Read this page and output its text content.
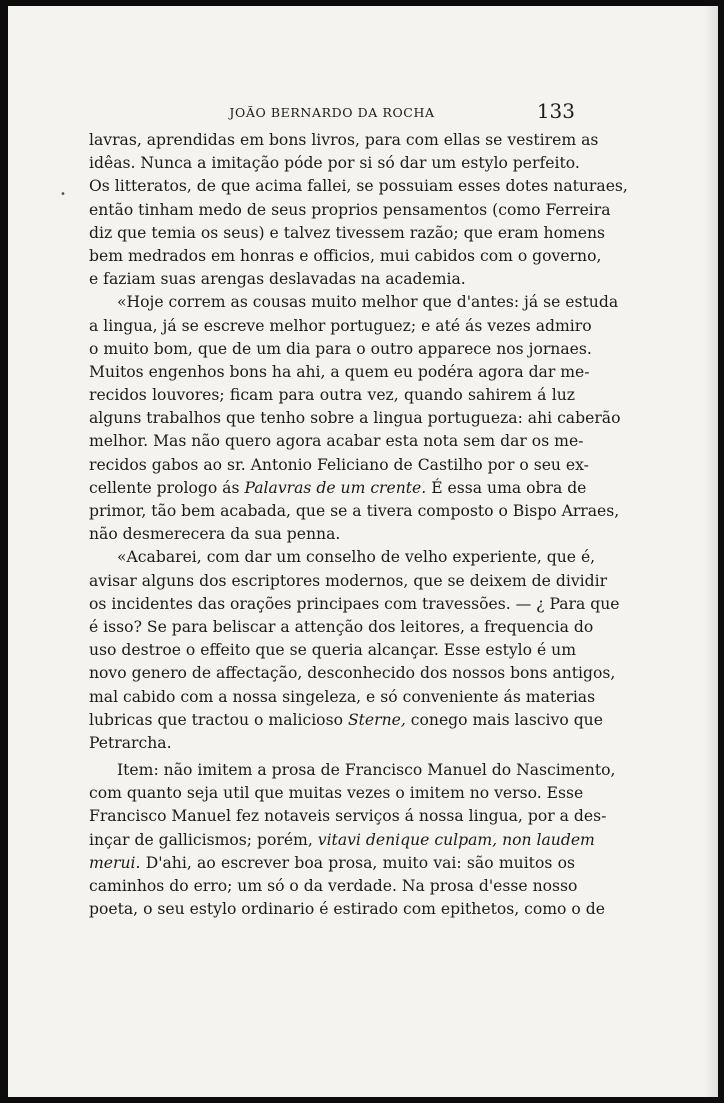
•
JOÃO BERNARDO DA ROCHA	133
lavras, aprendidas em bons livros, para com ellas se vestirem as
idêas. Nunca a imitação póde por si só dar um estylo perfeito.
Os litteratos, de que acima fallei, se possuiam esses dotes naturaes,
então tinham medo de seus proprios pensamentos (como Ferreira
diz que temia os seus) e talvez tivessem razão; que eram homens
bem medrados em honras e officios, mui cabidos com o governo,
e faziam suas arengas deslavadas na academia.
«Hoje correm as cousas muito melhor que d'antes: já se estuda
a lingua, já se escreve melhor portuguez; e até ás vezes admiro
o muito bom, que de um dia para o outro apparece nos jornaes.
Muitos engenhos bons ha ahi, a quem eu podéra agora dar me-
recidos louvores; ficam para outra vez, quando sahirem á luz
alguns trabalhos que tenho sobre a lingua portugueza: ahi caberão
melhor. Mas não quero agora acabar esta nota sem dar os me-
recidos gabos ao sr. Antonio Feliciano de Castilho por o seu ex-
cellente prologo ás Palavras de um crente. É essa uma obra de
primor, tão bem acabada, que se a tivera composto o Bispo Arraes,
não desmerecera da sua penna.
«Acabarei, com dar um conselho de velho experiente, que é,
avisar alguns dos escriptores modernos, que se deixem de dividir
os incidentes das orações principaes com travessões. — ¿ Para que
é isso? Se para beliscar a attenção dos leitores, a frequencia do
uso destroe o effeito que se queria alcançar. Esse estylo é um
novo genero de affectação, desconhecido dos nossos bons antigos,
mal cabido com a nossa singeleza, e só conveniente ás materias
lubricas que tractou o malicioso Sterne, conego mais lascivo que
Petrarcha.
Item: não imitem a prosa de Francisco Manuel do Nascimento,
com quanto seja util que muitas vezes o imitem no verso. Esse
Francisco Manuel fez notaveis serviços á nossa lingua, por a des-
inçar de gallicismos; porém, vitavi denique culpam, non laudem
merui. D'ahi, ao escrever boa prosa, muito vai: são muitos os
caminhos do erro; um só o da verdade. Na prosa d'esse nosso
poeta, o seu estylo ordinario é estirado com epithetos, como o de
